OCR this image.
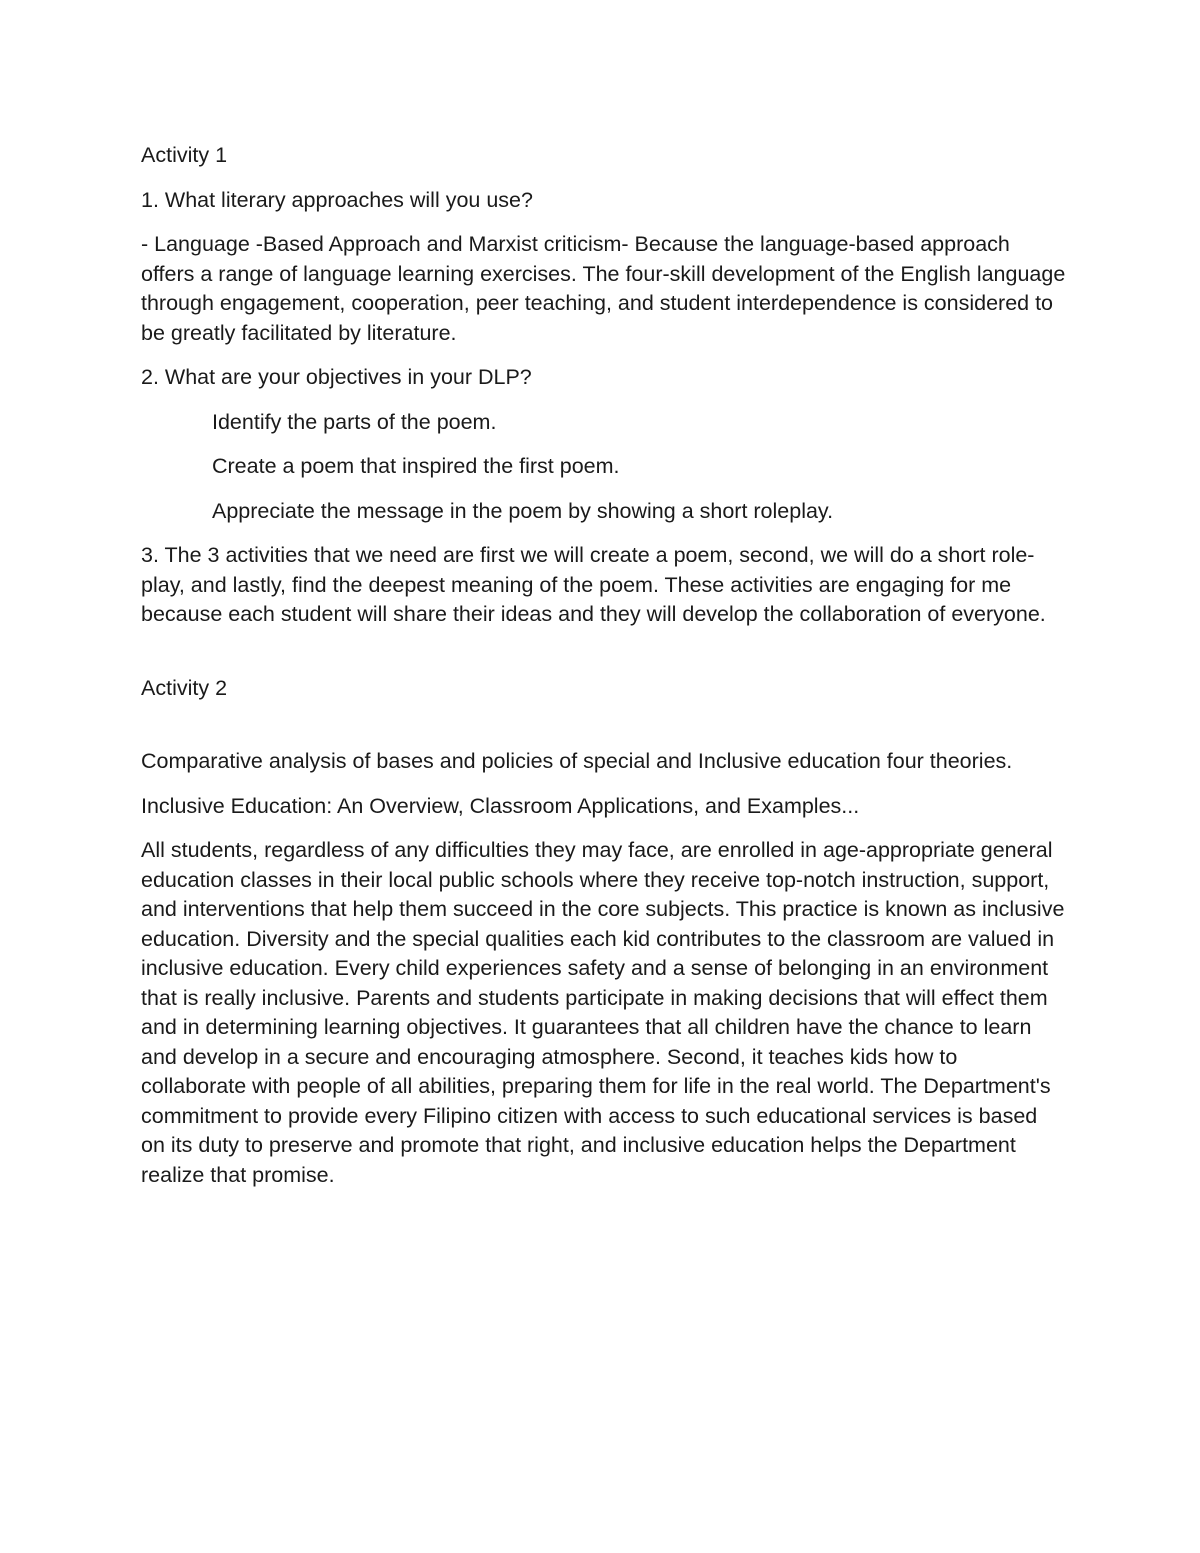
Activity 1

1. What literary approaches will you use?

- Language -Based Approach and Marxist criticism- Because the language-based approach offers a range of language learning exercises. The four-skill development of the English language through engagement, cooperation, peer teaching, and student interdependence is considered to be greatly facilitated by literature.

2. What are your objectives in your DLP?

Identify the parts of the poem.

Create a poem that inspired the first poem.

Appreciate the message in the poem by showing a short roleplay.

3. The 3 activities that we need are first we will create a poem, second, we will do a short role-play, and lastly, find the deepest meaning of the poem. These activities are engaging for me because each student will share their ideas and they will develop the collaboration of everyone.

Activity 2

Comparative analysis of bases and policies of special and Inclusive education four theories.

Inclusive Education: An Overview, Classroom Applications, and Examples...

All students, regardless of any difficulties they may face, are enrolled in age-appropriate general education classes in their local public schools where they receive top-notch instruction, support, and interventions that help them succeed in the core subjects. This practice is known as inclusive education. Diversity and the special qualities each kid contributes to the classroom are valued in inclusive education. Every child experiences safety and a sense of belonging in an environment that is really inclusive. Parents and students participate in making decisions that will effect them and in determining learning objectives. It guarantees that all children have the chance to learn and develop in a secure and encouraging atmosphere. Second, it teaches kids how to collaborate with people of all abilities, preparing them for life in the real world. The Department's commitment to provide every Filipino citizen with access to such educational services is based on its duty to preserve and promote that right, and inclusive education helps the Department realize that promise.
